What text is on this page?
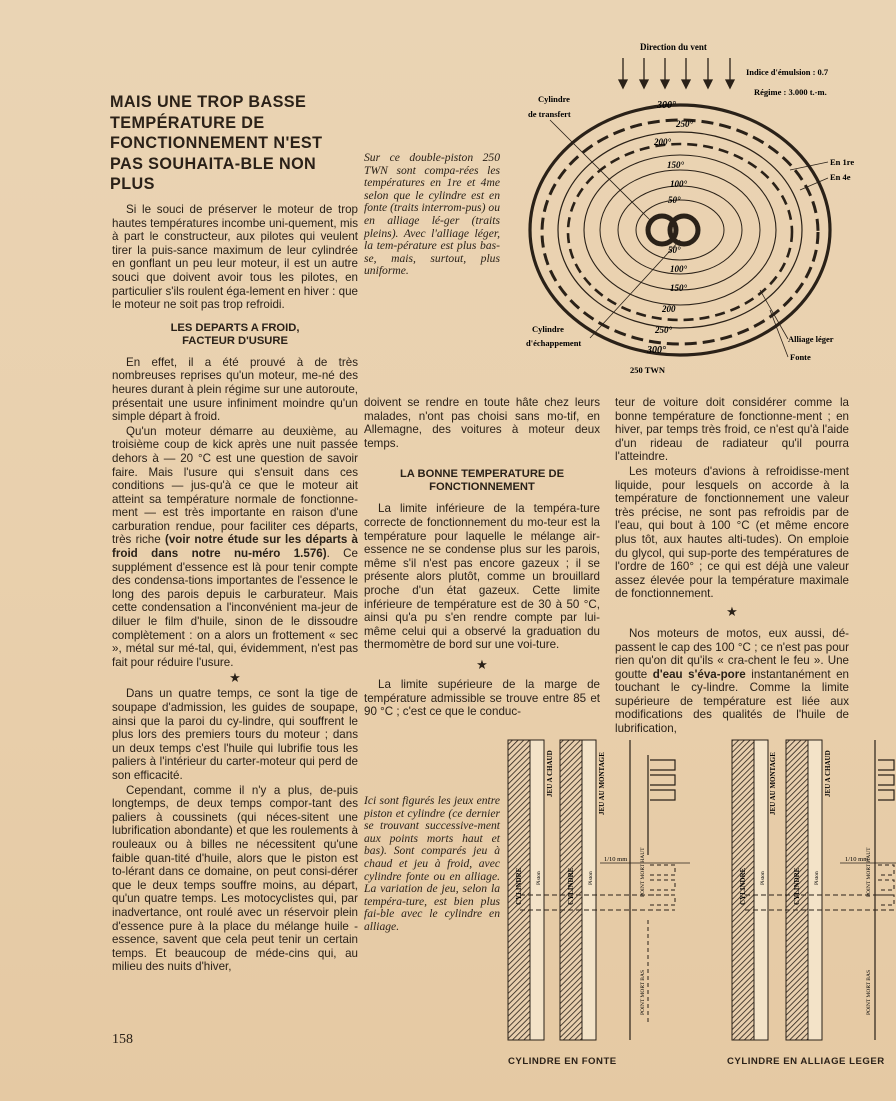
MAIS UNE TROP BASSE TEMPÉRATURE DE FONCTIONNEMENT N'EST PAS SOUHAITA-BLE NON PLUS

Si le souci de préserver le moteur de trop hautes températures incombe uni-quement, mis à part le constructeur, aux pilotes qui veulent tirer la puis-sance maximum de leur cylindrée en gonflant un peu leur moteur, il est un autre souci que doivent avoir tous les pilotes, en particulier s'ils roulent éga-lement en hiver : que le moteur ne soit pas trop refroidi.

LES DEPARTS A FROID, FACTEUR D'USURE

En effet, il a été prouvé à de très nombreuses reprises qu'un moteur, me-né des heures durant à plein régime sur une autoroute, présentait une usure infiniment moindre qu'un simple départ à froid.

Qu'un moteur démarre au deuxième, au troisième coup de kick après une nuit passée dehors à — 20 °C est une question de savoir faire. Mais l'usure qui s'ensuit dans ces conditions — jus-qu'à ce que le moteur ait atteint sa température normale de fonctionne-ment — est très importante en raison d'une carburation rendue, pour faciliter ces départs, très riche (voir notre étude sur les départs à froid dans notre nu-méro 1.576). Ce supplément d'essence est là pour tenir compte des condensa-tions importantes de l'essence le long des parois depuis le carburateur. Mais cette condensation a l'inconvénient ma-jeur de diluer le film d'huile, sinon de le dissoudre complètement : on a alors un frottement « sec », métal sur mé-tal, qui, évidemment, n'est pas fait pour réduire l'usure.

★

Dans un quatre temps, ce sont la tige de soupape d'admission, les guides de soupape, ainsi que la paroi du cy-lindre, qui souffrent le plus lors des premiers tours du moteur ; dans un deux temps c'est l'huile qui lubrifie tous les paliers à l'intérieur du carter-moteur qui perd de son efficacité.

Cependant, comme il n'y a plus, de-puis longtemps, de deux temps compor-tant des paliers à coussinets (qui néces-sitent une lubrification abondante) et que les roulements à rouleaux ou à billes ne nécessitent qu'une faible quan-tité d'huile, alors que le piston est to-lérant dans ce domaine, on peut consi-dérer que le deux temps souffre moins, au départ, qu'un quatre temps. Les motocyclistes qui, par inadvertance, ont roulé avec un réservoir plein d'essence pure à la place du mélange huile - essence, savent que cela peut tenir un certain temps. Et beaucoup de méde-cins qui, au milieu des nuits d'hiver,

Sur ce double-piston 250 TWN sont compa-rées les températures en 1re et 4me selon que le cylindre est en fonte (traits interrom-pus) ou en alliage lé-ger (traits pleins). Avec l'alliage léger, la tem-pérature est plus bas-se, mais, surtout, plus uniforme.

doivent se rendre en toute hâte chez leurs malades, n'ont pas choisi sans mo-tif, en Allemagne, des voitures à moteur deux temps.

LA BONNE TEMPERATURE DE FONCTIONNEMENT

La limite inférieure de la tempéra-ture correcte de fonctionnement du mo-teur est la température pour laquelle le mélange air-essence ne se condense plus sur les parois, même s'il n'est pas encore gazeux ; il se présente alors plutôt, comme un brouillard proche d'un état gazeux. Cette limite inférieure de température est de 30 à 50 °C, ainsi qu'a pu s'en rendre compte par lui-même celui qui a observé la graduation du thermomètre de bord sur une voi-ture.

★

La limite supérieure de la marge de température admissible se trouve entre 85 et 90 °C ; c'est ce que le conduc-

teur de voiture doit considérer comme la bonne température de fonctionne-ment ; en hiver, par temps très froid, ce n'est qu'à l'aide d'un rideau de radiateur qu'il pourra l'atteindre.

Les moteurs d'avions à refroidisse-ment liquide, pour lesquels on accorde à la température de fonctionnement une valeur très précise, ne sont pas refroidis par de l'eau, qui bout à 100 °C (et même encore plus tôt, aux hautes alti-tudes). On emploie du glycol, qui sup-porte des températures de l'ordre de 160° ; ce qui est déjà une valeur assez élevée pour la température maximale de fonctionnement.

★

Nos moteurs de motos, eux aussi, dé-passent le cap des 100 °C ; ce n'est pas pour rien qu'on dit qu'ils « cra-chent le feu ». Une goutte d'eau s'éva-pore instantanément en touchant le cy-lindre. Comme la limite supérieure de température est liée aux modifications des qualités de l'huile de lubrification,

Ici sont figurés les jeux entre piston et cylindre (ce dernier se trouvant successive-ment aux points morts haut et bas). Sont comparés jeu à chaud et jeu à froid, avec cylindre fonte ou en alliage. La variation de jeu, selon la tempéra-ture, est bien plus fai-ble avec le cylindre en alliage.

Direction du vent
Indice d'émulsion : 0.7
Régime : 3.000 t.-m.
300°
250°
200°
150°
100°
50°
50°
100°
150°
200
250°
300°
Cylindre
de transfert
Cylindre
d'échappement
En 1re
En 4e
Alliage léger
Fonte
250 TWN
CYLINDRE	CYLINDRE
Piston	Piston
JEU A CHAUD	JEU AU MONTAGE
POINT MORT HAUT
POINT MORT BAS
1/10 mm
CYLINDRE	CYLINDRE
Piston	Piston
JEU AU MONTAGE	JEU A CHAUD
POINT MORT HAUT
POINT MORT BAS
1/10 mm
CYLINDRE EN FONTE	CYLINDRE EN ALLIAGE LEGER
158
